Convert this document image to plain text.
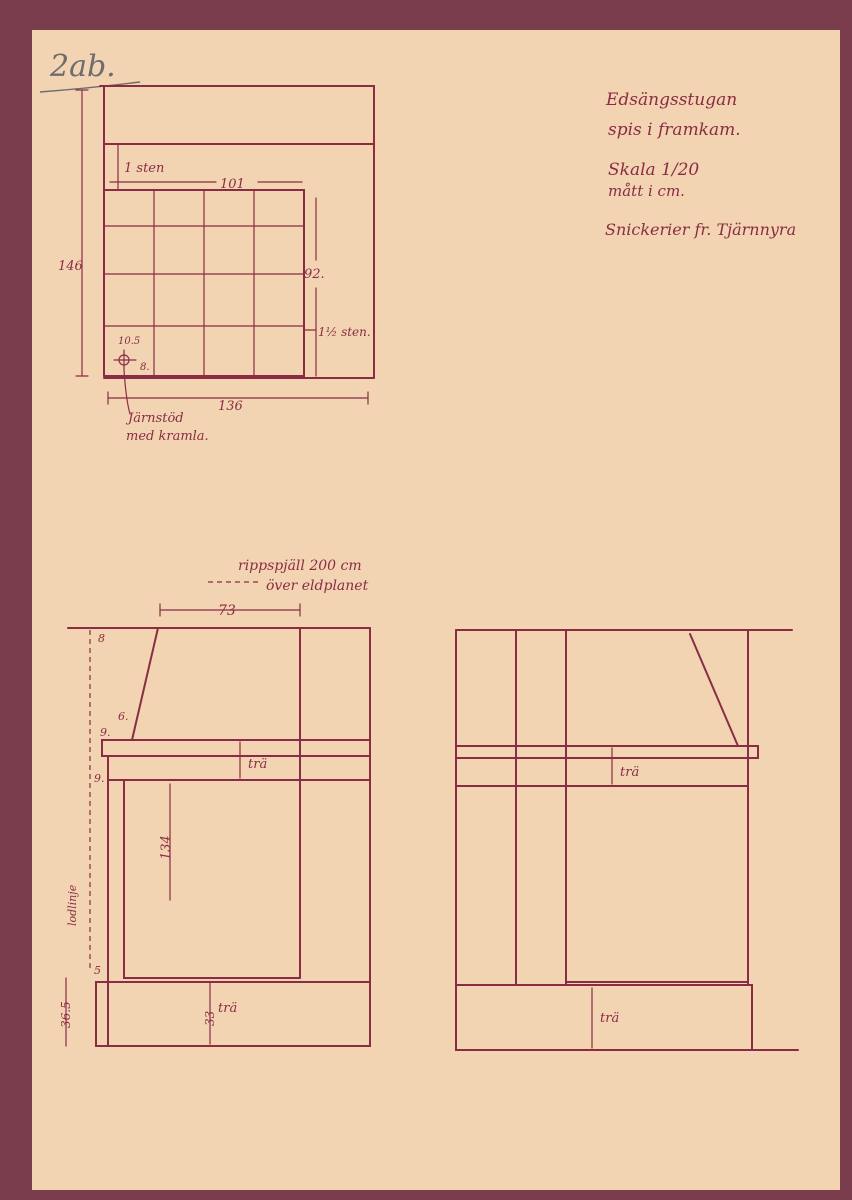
2ab.
Edsängsstugan
spis i framkam.
Skala 1/20
mått i cm.
Snickerier fr. Tjärnnyra
1 sten
101
146
92.
1½ sten.
10.5
8.
136
Järnstöd
med kramla.
rippspjäll 200 cm
över eldplanet
73
trä
134
trä
33
8
6.
9.
9.
lodlinje
5
36.5
trä
trä
